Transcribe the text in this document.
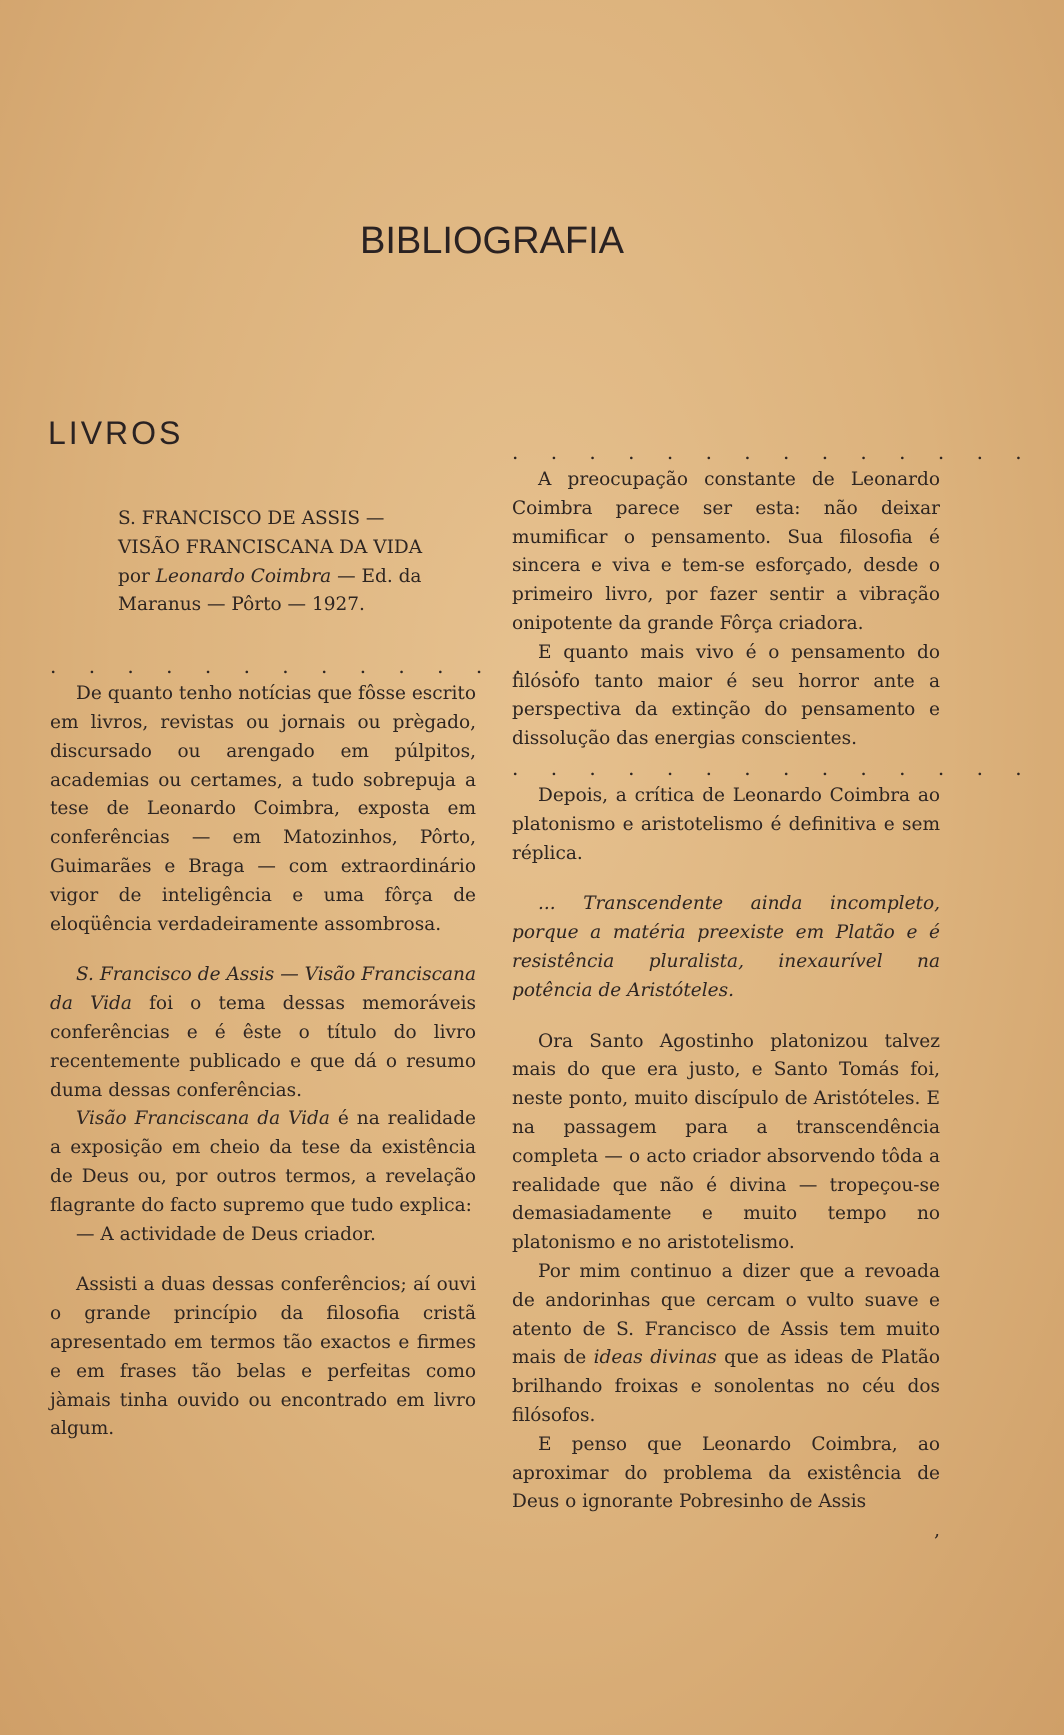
BIBLIOGRAFIA
LIVROS

S. FRANCISCO DE ASSIS —
VISÃO FRANCISCANA DA VIDA
por Leonardo Coimbra — Ed. da
Maranus — Pôrto — 1927.

. . . . . . . . . . . . . .

De quanto tenho notícias que fôsse escrito em livros, revistas ou jornais ou prègado, discursado ou arengado em púlpitos, academias ou certames, a tudo sobrepuja a tese de Leonardo Coimbra, exposta em conferências — em Matozinhos, Pôrto, Guimarães e Braga — com extraordinário vigor de inteligência e uma fôrça de eloqüência verdadeiramente assombrosa.

S. Francisco de Assis — Visão Franciscana da Vida foi o tema dessas memoráveis conferências e é êste o título do livro recentemente publicado e que dá o resumo duma dessas conferências.

Visão Franciscana da Vida é na realidade a exposição em cheio da tese da existência de Deus ou, por outros termos, a revelação flagrante do facto supremo que tudo explica:

— A actividade de Deus criador.

Assisti a duas dessas conferêncios; aí ouvi o grande princípio da filosofia cristã apresentado em termos tão exactos e firmes e em frases tão belas e perfeitas como jàmais tinha ouvido ou encontrado em livro algum.

. . . . . . . . . . . . . .

A preocupação constante de Leonardo Coimbra parece ser esta: não deixar mumificar o pensamento. Sua filosofia é sincera e viva e tem-se esforçado, desde o primeiro livro, por fazer sentir a vibração onipotente da grande Fôrça criadora.

E quanto mais vivo é o pensamento do filósofo tanto maior é seu horror ante a perspectiva da extinção do pensamento e dissolução das energias conscientes.

. . . . . . . . . . . . . .

Depois, a crítica de Leonardo Coimbra ao platonismo e aristotelismo é definitiva e sem réplica.

... Transcendente ainda incompleto, porque a matéria preexiste em Platão e é resistência pluralista, inexaurível na potência de Aristóteles.

Ora Santo Agostinho platonizou talvez mais do que era justo, e Santo Tomás foi, neste ponto, muito discípulo de Aristóteles. E na passagem para a transcendência completa — o acto criador absorvendo tôda a realidade que não é divina — tropeçou-se demasiadamente e muito tempo no platonismo e no aristotelismo.

Por mim continuo a dizer que a revoada de andorinhas que cercam o vulto suave e atento de S. Francisco de Assis tem muito mais de ideas divinas que as ideas de Platão brilhando froixas e sonolentas no céu dos filósofos.

E penso que Leonardo Coimbra, ao aproximar do problema da existência de Deus o ignorante Pobresinho de Assis

,
